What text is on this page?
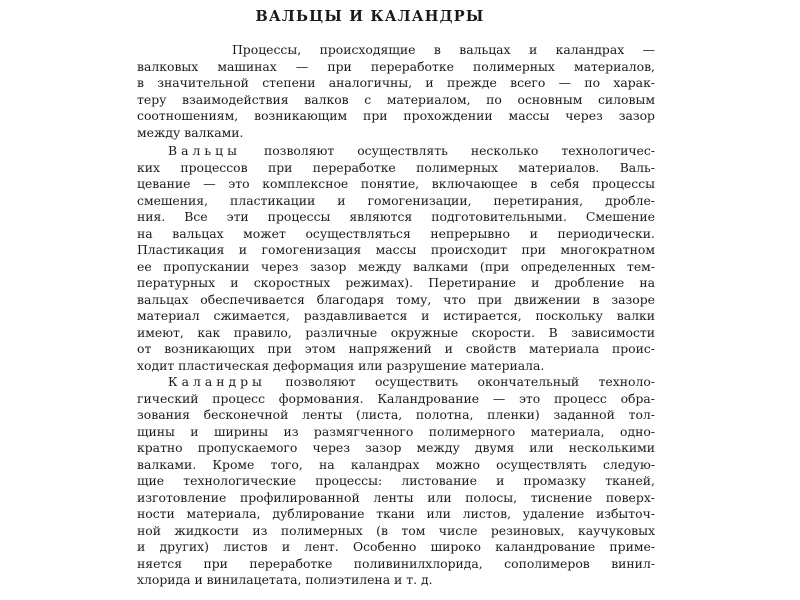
ВАЛЬЦЫ И КАЛАНДРЫ
Процессы, происходящие в вальцах и каландрах —
валковых машинах — при переработке полимерных материалов,
в значительной степени аналогичны, и прежде всего — по харак-
теру взаимодействия валков с материалом, по основным силовым
соотношениям, возникающим при прохождении массы через зазор
между валками.
Вальцы позволяют осуществлять несколько технологичес-
ких процессов при переработке полимерных материалов. Валь-
цевание — это комплексное понятие, включающее в себя процессы
смешения, пластикации и гомогенизации, перетирания, дробле-
ния. Все эти процессы являются подготовительными. Смешение
на вальцах может осуществляться непрерывно и периодически.
Пластикация и гомогенизация массы происходит при многократном
ее пропускании через зазор между валками (при определенных тем-
пературных и скоростных режимах). Перетирание и дробление на
вальцах обеспечивается благодаря тому, что при движении в зазоре
материал сжимается, раздавливается и истирается, поскольку валки
имеют, как правило, различные окружные скорости. В зависимости
от возникающих при этом напряжений и свойств материала проис-
ходит пластическая деформация или разрушение материала.
Каландры позволяют осуществить окончательный техноло-
гический процесс формования. Каландрование — это процесс обра-
зования бесконечной ленты (листа, полотна, пленки) заданной тол-
щины и ширины из размягченного полимерного материала, одно-
кратно пропускаемого через зазор между двумя или несколькими
валками. Кроме того, на каландрах можно осуществлять следую-
щие технологические процессы: листование и промазку тканей,
изготовление профилированной ленты или полосы, тиснение поверх-
ности материала, дублирование ткани или листов, удаление избыточ-
ной жидкости из полимерных (в том числе резиновых, каучуковых
и других) листов и лент. Особенно широко каландрование приме-
няется при переработке поливинилхлорида, сополимеров винил-
хлорида и винилацетата, полиэтилена и т. д.
